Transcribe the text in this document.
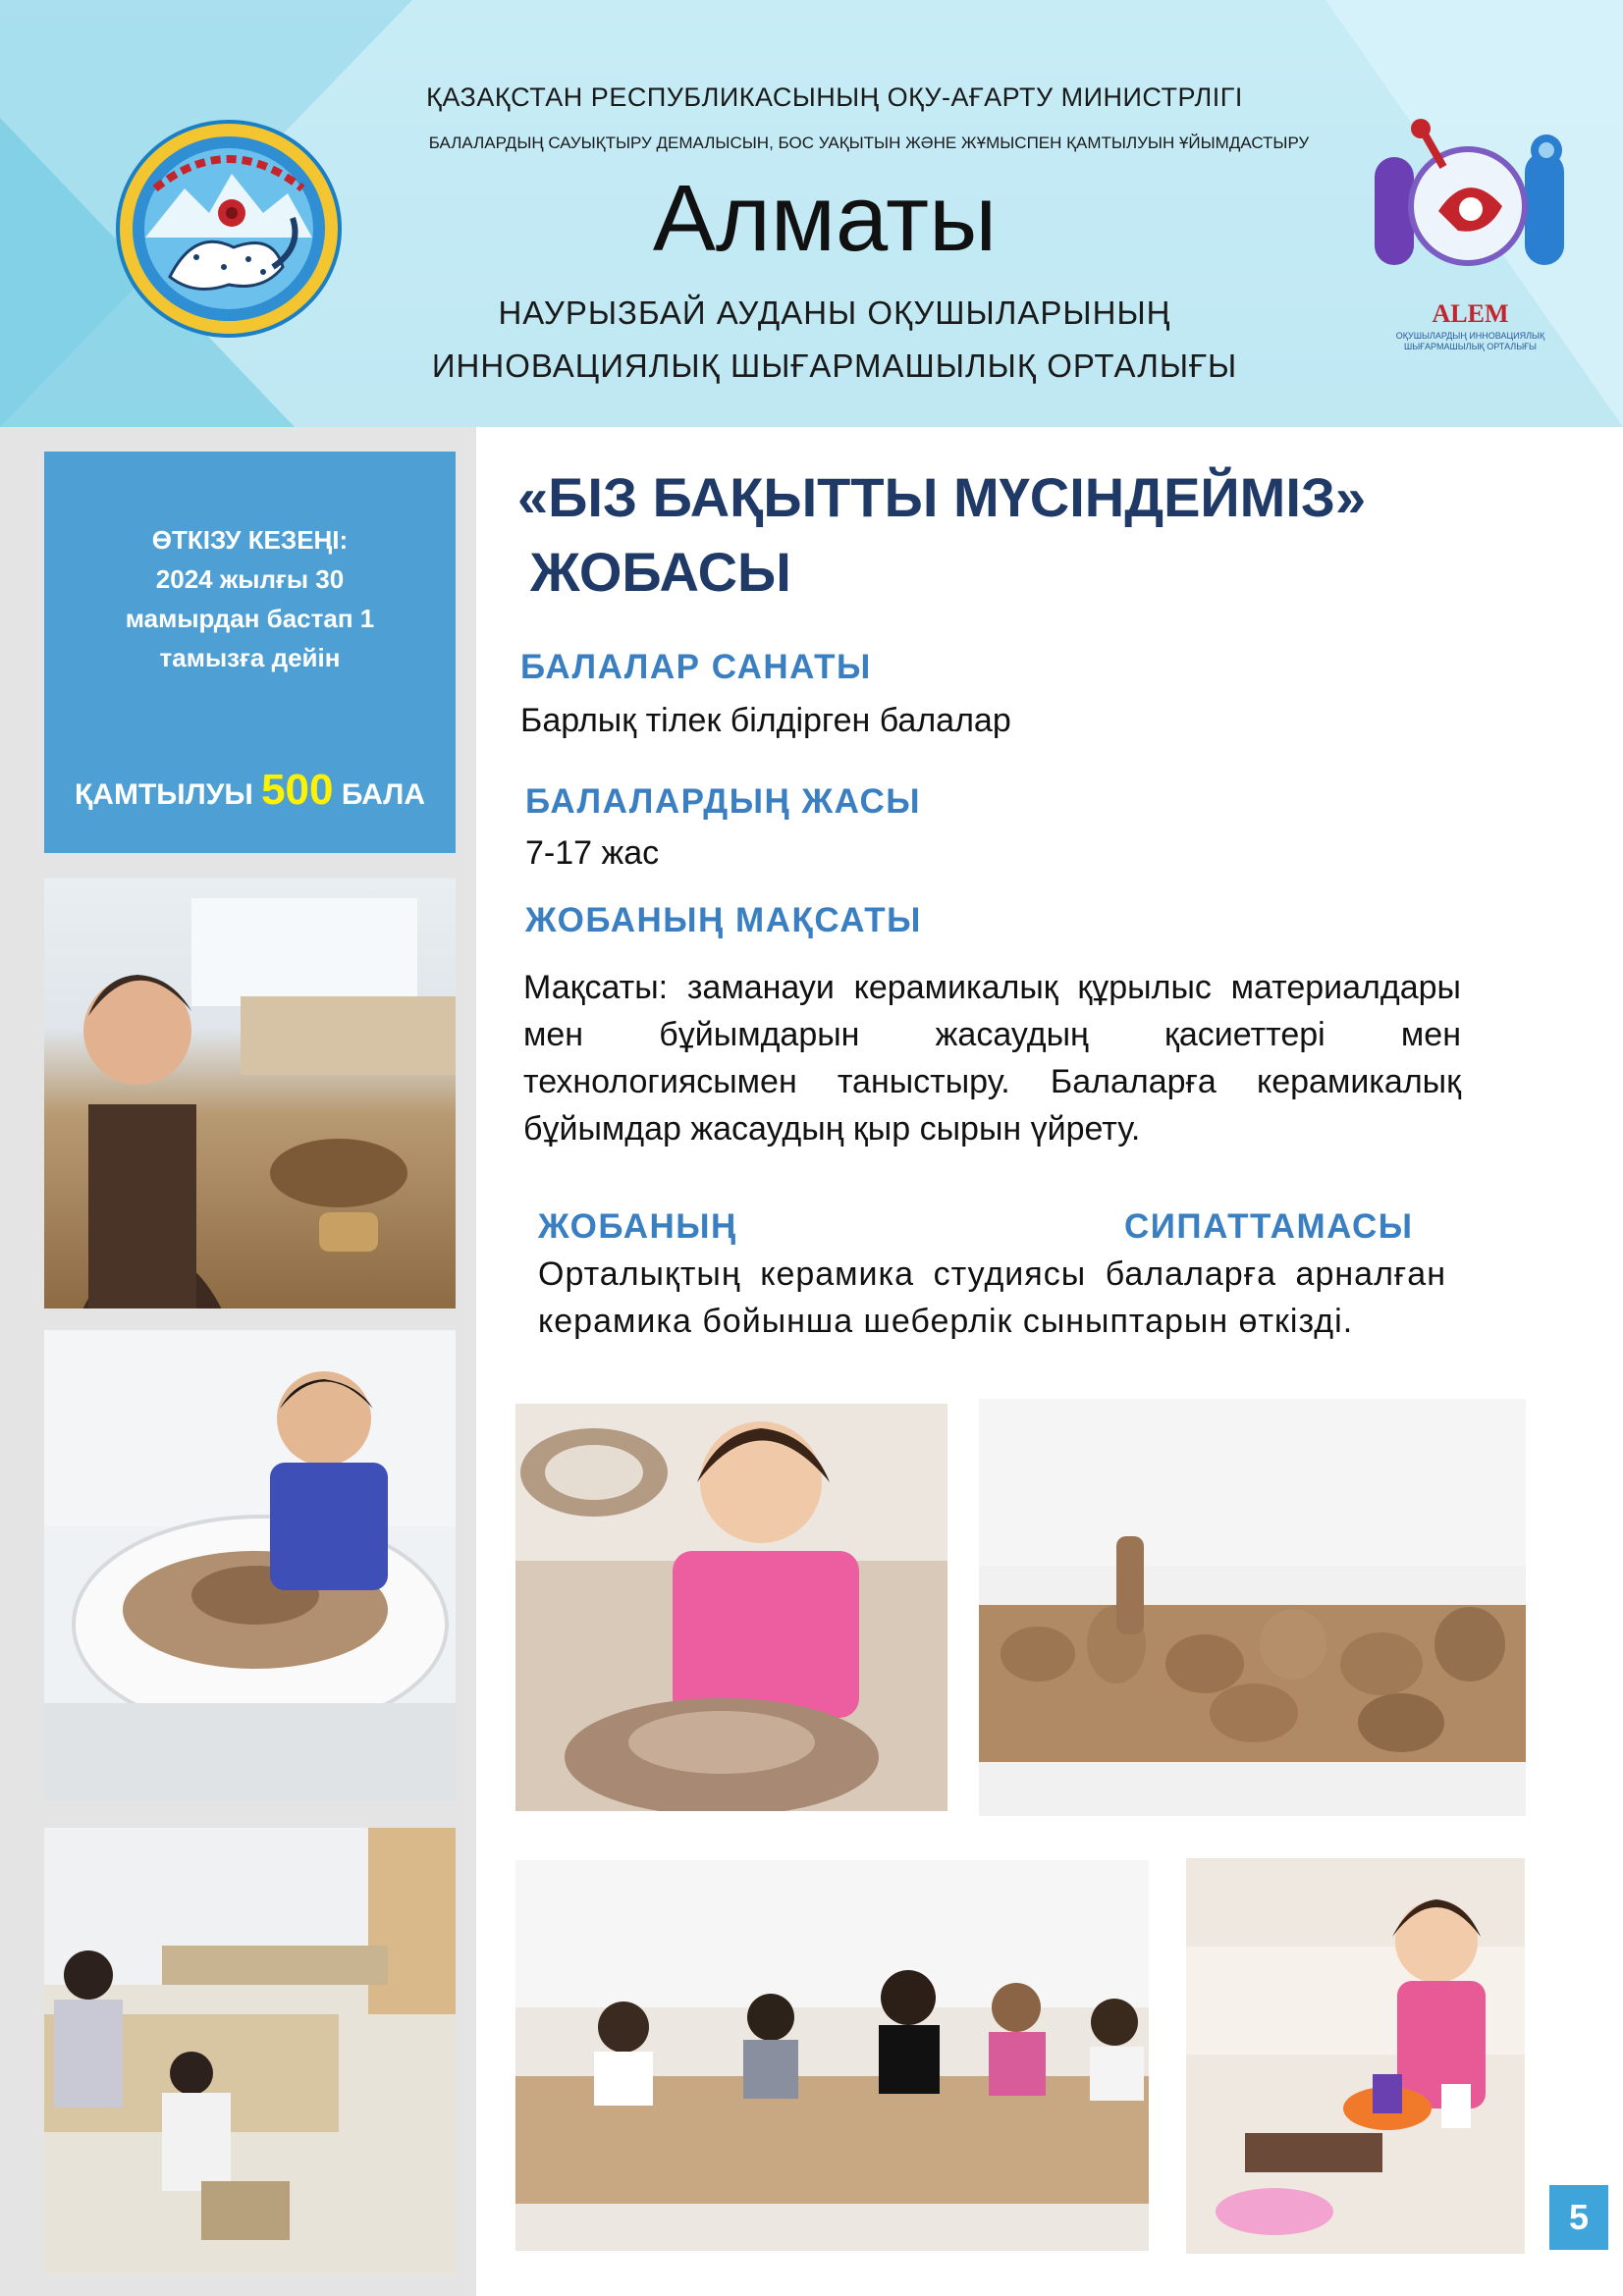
ҚАЗАҚСТАН РЕСПУБЛИКАСЫНЫҢ ОҚУ-АҒАРТУ МИНИСТРЛІГІ
БАЛАЛАРДЫҢ САУЫҚТЫРУ ДЕМАЛЫСЫН, БОС УАҚЫТЫН ЖӘНЕ ЖҰМЫСПЕН ҚАМТЫЛУЫН ҰЙЫМДАСТЫРУ
Алматы
НАУРЫЗБАЙ АУДАНЫ ОҚУШЫЛАРЫНЫҢ
ИННОВАЦИЯЛЫҚ ШЫҒАРМАШЫЛЫҚ ОРТАЛЫҒЫ
ALEM
ОҚУШЫЛАРДЫҢ ИННОВАЦИЯЛЫҚ
ШЫҒАРМАШЫЛЫҚ ОРТАЛЫҒЫ
ӨТКІЗУ КЕЗЕҢІ:
2024 жылғы 30
мамырдан бастап 1
тамызға дейін
ҚАМТЫЛУЫ 500 БАЛА
«БІЗ БАҚЫТТЫ МҮСІНДЕЙМІЗ»
ЖОБАСЫ
БАЛАЛАР САНАТЫ
Барлық тілек білдірген балалар
БАЛАЛАРДЫҢ ЖАСЫ
7-17 жас
ЖОБАНЫҢ МАҚСАТЫ
Мақсаты: заманауи керамикалық құрылыс материалдары мен бұйымдарын жасаудың қасиеттері мен технологиясымен таныстыру. Балаларға керамикалық бұйымдар жасаудың қыр сырын үйрету.
ЖОБАНЫҢ	СИПАТТАМАСЫ
Орталықтың керамика студиясы балаларға арналған керамика бойынша шеберлік сыныптарын өткізді.
5
